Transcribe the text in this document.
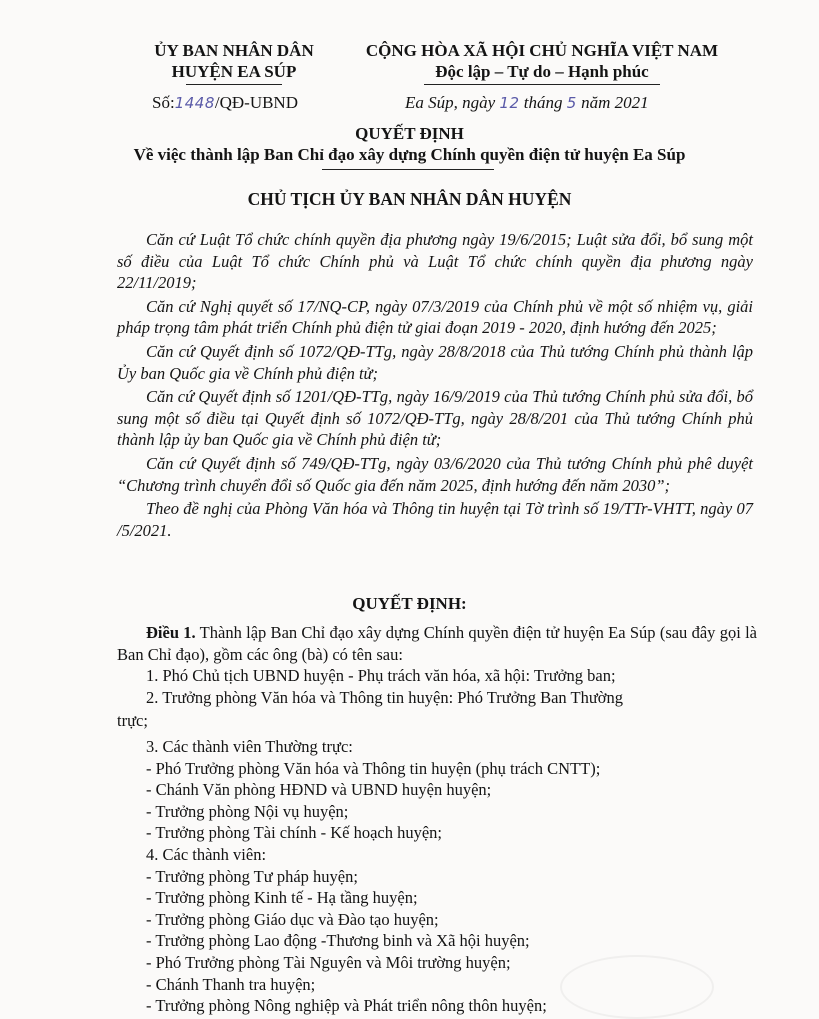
ỦY BAN NHÂN DÂN
HUYỆN EA SÚP
CỘNG HÒA XÃ HỘI CHỦ NGHĨA VIỆT NAM
Độc lập – Tự do – Hạnh phúc
Số:1448/QĐ-UBND	Ea Súp, ngày 12 tháng 5 năm 2021
QUYẾT ĐỊNH
Về việc thành lập Ban Chỉ đạo xây dựng Chính quyền điện tử huyện Ea Súp
CHỦ TỊCH ỦY BAN NHÂN DÂN HUYỆN

Căn cứ Luật Tổ chức chính quyền địa phương ngày 19/6/2015; Luật sửa đổi, bổ sung một số điều của Luật Tổ chức Chính phủ và Luật Tổ chức chính quyền địa phương ngày 22/11/2019;

Căn cứ Nghị quyết số 17/NQ-CP, ngày 07/3/2019 của Chính phủ về một số nhiệm vụ, giải pháp trọng tâm phát triển Chính phủ điện tử giai đoạn 2019 - 2020, định hướng đến 2025;

Căn cứ Quyết định số 1072/QĐ-TTg, ngày 28/8/2018 của Thủ tướng Chính phủ thành lập Ủy ban Quốc gia về Chính phủ điện tử;

Căn cứ Quyết định số 1201/QĐ-TTg, ngày 16/9/2019 của Thủ tướng Chính phủ sửa đổi, bổ sung một số điều tại Quyết định số 1072/QĐ-TTg, ngày 28/8/201 của Thủ tướng Chính phủ thành lập ủy ban Quốc gia về Chính phủ điện tử;

Căn cứ Quyết định số 749/QĐ-TTg, ngày 03/6/2020 của Thủ tướng Chính phủ phê duyệt “Chương trình chuyển đổi số Quốc gia đến năm 2025, định hướng đến năm 2030”;

Theo đề nghị của Phòng Văn hóa và Thông tin huyện tại Tờ trình số 19/TTr-VHTT, ngày 07 /5/2021.

QUYẾT ĐỊNH:

Điều 1. Thành lập Ban Chỉ đạo xây dựng Chính quyền điện tử huyện Ea Súp (sau đây gọi là Ban Chỉ đạo), gồm các ông (bà) có tên sau:

1. Phó Chủ tịch UBND huyện - Phụ trách văn hóa, xã hội: Trưởng ban;

2. Trưởng phòng Văn hóa và Thông tin huyện: Phó Trưởng Ban Thường

trực;

3. Các thành viên Thường trực:

- Phó Trưởng phòng Văn hóa và Thông tin huyện (phụ trách CNTT);

- Chánh Văn phòng HĐND và UBND huyện huyện;

- Trưởng phòng Nội vụ huyện;

- Trưởng phòng Tài chính - Kế hoạch huyện;

4. Các thành viên:

- Trưởng phòng Tư pháp huyện;

- Trưởng phòng Kinh tế - Hạ tầng huyện;

- Trưởng phòng Giáo dục và Đào tạo huyện;

- Trưởng phòng Lao động -Thương binh và Xã hội huyện;

- Phó Trưởng phòng Tài Nguyên và Môi trường huyện;

- Chánh Thanh tra huyện;

- Trưởng phòng Nông nghiệp và Phát triển nông thôn huyện;
